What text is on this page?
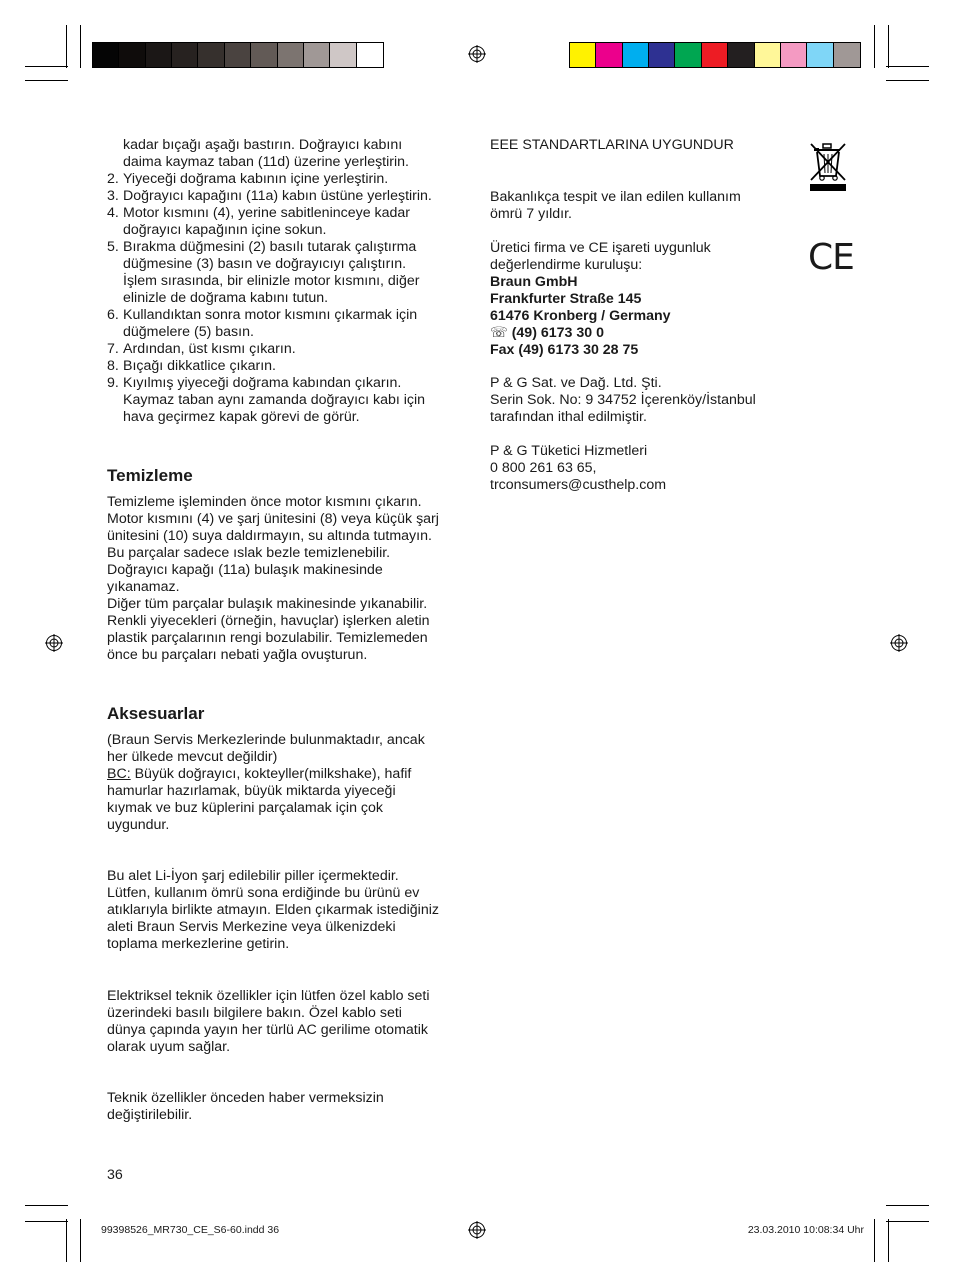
kadar bıçağı aşağı bastırın. Doğrayıcı kabını
daima kaymaz taban (11d) üzerine yerleştirin.
2. Yiyeceği doğrama kabının içine yerleştirin.
3. Doğrayıcı kapağını (11a) kabın üstüne yerleştirin.
4. Motor kısmını (4), yerine sabitleninceye kadar
doğrayıcı kapağının içine sokun.
5. Bırakma düğmesini (2) basılı tutarak çalıştırma
düğmesine (3) basın ve doğrayıcıyı çalıştırın.
İşlem sırasında, bir elinizle motor kısmını, diğer
elinizle de doğrama kabını tutun.
6. Kullandıktan sonra motor kısmını çıkarmak için
düğmelere (5) basın.
7. Ardından, üst kısmı çıkarın.
8. Bıçağı dikkatlice çıkarın.
9. Kıyılmış yiyeceği doğrama kabından çıkarın.
Kaymaz taban aynı zamanda doğrayıcı kabı için
hava geçirmez kapak görevi de görür.
Temizleme
Temizleme işleminden önce motor kısmını çıkarın.
Motor kısmını (4) ve şarj ünitesini (8) veya küçük şarj
ünitesini (10) suya daldırmayın, su altında tutmayın.
Bu parçalar sadece ıslak bezle temizlenebilir.
Doğrayıcı kapağı (11a) bulaşık makinesinde
yıkanamaz.
Diğer tüm parçalar bulaşık makinesinde yıkanabilir.
Renkli yiyecekleri (örneğin, havuçlar) işlerken aletin
plastik parçalarının rengi bozulabilir. Temizlemeden
önce bu parçaları nebati yağla ovuşturun.
Aksesuarlar
(Braun Servis Merkezlerinde bulunmaktadır, ancak
her ülkede mevcut değildir)
BC: Büyük doğrayıcı, kokteyller(milkshake), hafif
hamurlar hazırlamak, büyük miktarda yiyeceği
kıymak ve buz küplerini parçalamak için çok
uygundur.
Bu alet Li-İyon şarj edilebilir piller içermektedir.
Lütfen, kullanım ömrü sona erdiğinde bu ürünü ev
atıklarıyla birlikte atmayın. Elden çıkarmak istediğiniz
aleti Braun Servis Merkezine veya ülkenizdeki
toplama merkezlerine getirin.
Elektriksel teknik özellikler için lütfen özel kablo seti
üzerindeki basılı bilgilere bakın. Özel kablo seti
dünya çapında yayın her türlü AC gerilime otomatik
olarak uyum sağlar.
Teknik özellikler önceden haber vermeksizin
değiştirilebilir.
36
EEE STANDARTLARINA UYGUNDUR
Bakanlıkça tespit ve ilan edilen kullanım
ömrü 7 yıldır.
Üretici firma ve CE işareti uygunluk
değerlendirme kuruluşu:
Braun GmbH
Frankfurter Straße 145
61476 Kronberg / Germany
☏ (49) 6173 30 0
Fax (49) 6173 30 28 75
CE
P & G Sat. ve Dağ. Ltd. Şti.
Serin Sok. No: 9 34752 İçerenköy/İstanbul
tarafından ithal edilmiştir.
P & G Tüketici Hizmetleri
0 800 261 63 65,
trconsumers@custhelp.com
99398526_MR730_CE_S6-60.indd 36	23.03.2010 10:08:34 Uhr
